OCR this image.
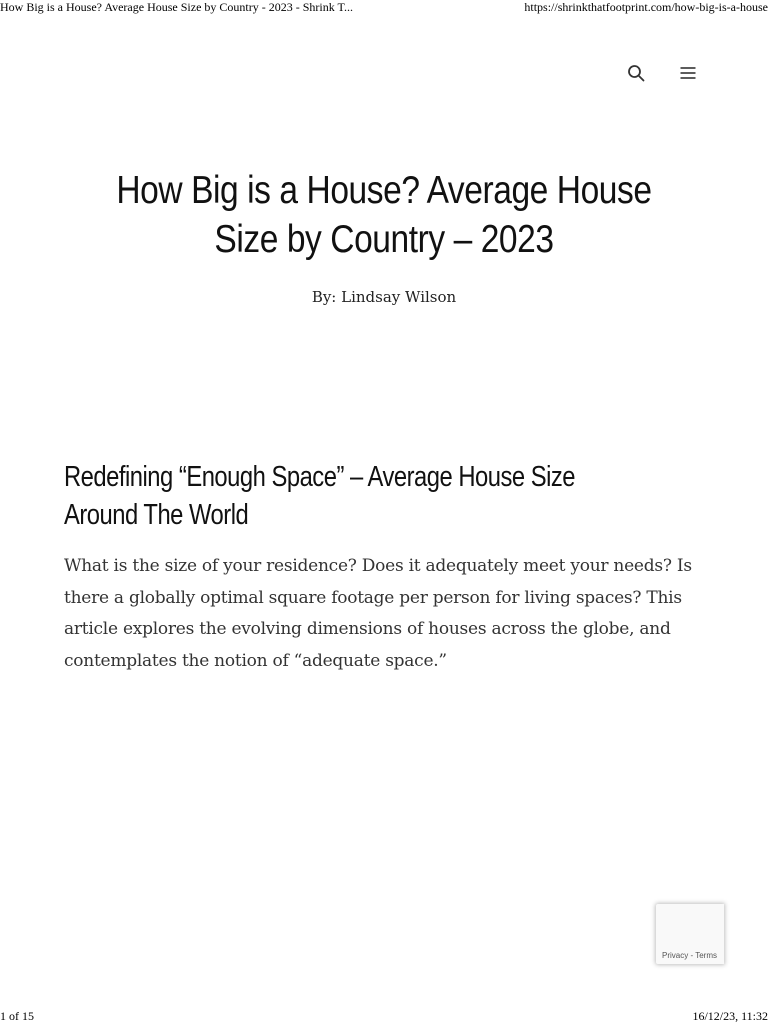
How Big is a House? Average House Size by Country - 2023 - Shrink T...	https://shrinkthatfootprint.com/how-big-is-a-house
How Big is a House? Average House Size by Country – 2023
By: Lindsay Wilson
Redefining “Enough Space” – Average House Size Around The World

What is the size of your residence? Does it adequately meet your needs? Is there a globally optimal square footage per person for living spaces? This article explores the evolving dimensions of houses across the globe, and contemplates the notion of “adequate space.”

Privacy - Terms
1 of 15	16/12/23, 11:32
